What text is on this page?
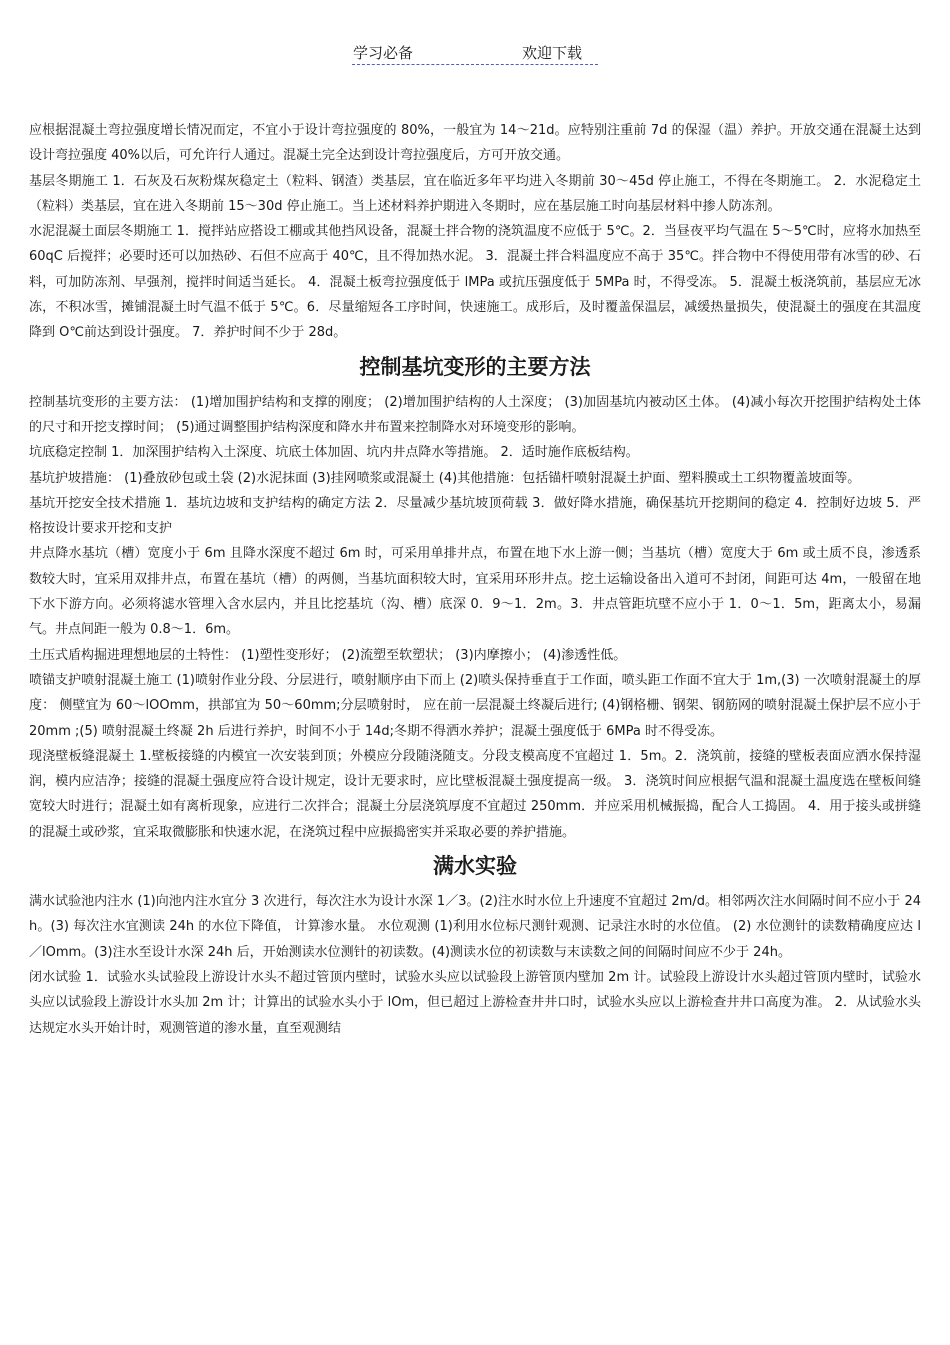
学习必备	欢迎下载

应根据混凝土弯拉强度增长情况而定，不宜小于设计弯拉强度的 80%，一般宜为 14～21d。应特别注重前 7d 的保湿（温）养护。开放交通在混凝土达到设计弯拉强度 40%以后，可允许行人通过。混凝土完全达到设计弯拉强度后，方可开放交通。

基层冬期施工 1．石灰及石灰粉煤灰稳定土（粒料、钢渣）类基层，宜在临近多年平均进入冬期前 30～45d 停止施工，不得在冬期施工。 2．水泥稳定土（粒料）类基层，宜在进入冬期前 15～30d 停止施工。当上述材料养护期进入冬期时，应在基层施工时向基层材料中掺人防冻剂。

水泥混凝土面层冬期施工 1．搅拌站应搭设工棚或其他挡风设备，混凝土拌合物的浇筑温度不应低于 5℃。2．当昼夜平均气温在 5～5℃时，应将水加热至 60qC 后搅拌；必要时还可以加热砂、石但不应高于 40℃，且不得加热水泥。 3．混凝土拌合料温度应不高于 35℃。拌合物中不得使用带有冰雪的砂、石料，可加防冻剂、早强剂，搅拌时间适当延长。 4．混凝土板弯拉强度低于 lMPa 或抗压强度低于 5MPa 时，不得受冻。 5．混凝土板浇筑前，基层应无冰冻，不积冰雪，摊铺混凝土时气温不低于 5℃。6．尽量缩短各工序时间，快速施工。成形后，及时覆盖保温层，减缓热量损失，使混凝土的强度在其温度降到 O℃前达到设计强度。 7．养护时间不少于 28d。

控制基坑变形的主要方法

控制基坑变形的主要方法： (1)增加围护结构和支撑的刚度； (2)增加围护结构的人土深度； (3)加固基坑内被动区土体。 (4)减小每次开挖围护结构处土体的尺寸和开挖支撑时间； (5)通过调整围护结构深度和降水井布置来控制降水对环境变形的影响。

坑底稳定控制 1．加深围护结构入土深度、坑底土体加固、坑内井点降水等措施。 2．适时施作底板结构。

基坑护坡措施： (1)叠放砂包或土袋 (2)水泥抹面 (3)挂网喷浆或混凝土 (4)其他措施：包括锚杆喷射混凝土护面、塑料膜或土工织物覆盖坡面等。

基坑开挖安全技术措施 1．基坑边坡和支护结构的确定方法 2．尽量减少基坑坡顶荷载 3．做好降水措施，确保基坑开挖期间的稳定 4．控制好边坡 5．严格按设计要求开挖和支护

井点降水基坑（槽）宽度小于 6m 且降水深度不超过 6m 时，可采用单排井点，布置在地下水上游一侧；当基坑（槽）宽度大于 6m 或土质不良，渗透系数较大时，宜采用双排井点，布置在基坑（槽）的两侧，当基坑面积较大时，宜采用环形井点。挖土运输设备出入道可不封闭，间距可达 4m，一般留在地下水下游方向。必须将滤水管埋入含水层内，并且比挖基坑（沟、槽）底深 0．9～1．2m。3．井点管距坑壁不应小于 1．0～1．5m，距离太小，易漏气。井点间距一般为 0.8～1．6m。

土压式盾构掘进理想地层的土特性： (1)塑性变形好； (2)流塑至软塑状； (3)内摩擦小； (4)渗透性低。

喷锚支护喷射混凝土施工 (1)喷射作业分段、分层进行，喷射顺序由下而上 (2)喷头保持垂直于工作面，喷头距工作面不宜大于 1m,(3) 一次喷射混凝土的厚度： 侧壁宜为 60～lOOmm，拱部宜为 50～60mm;分层喷射时， 应在前一层混凝土终凝后进行; (4)钢格栅、钢架、钢筋网的喷射混凝土保护层不应小于 20mm ;(5) 喷射混凝土终凝 2h 后进行养护，时间不小于 14d;冬期不得洒水养护；混凝土强度低于 6MPa 时不得受冻。

现浇壁板缝混凝土 1.壁板接缝的内模宜一次安装到顶；外模应分段随浇随支。分段支模高度不宜超过 1．5m。2．浇筑前，接缝的壁板表面应洒水保持湿润，模内应洁净；接缝的混凝土强度应符合设计规定，设计无要求时，应比壁板混凝土强度提高一级。 3．浇筑时间应根据气温和混凝土温度选在壁板间缝宽较大时进行；混凝土如有离析现象，应进行二次拌合；混凝土分层浇筑厚度不宜超过 250mm．并应采用机械振捣，配合人工捣固。 4．用于接头或拼缝的混凝土或砂浆，宜采取微膨胀和快速水泥，在浇筑过程中应振捣密实并采取必要的养护措施。

满水实验

满水试验池内注水 (1)向池内注水宜分 3 次进行，每次注水为设计水深 1／3。(2)注水时水位上升速度不宜超过 2m/d。相邻两次注水间隔时间不应小于 24h。(3) 每次注水宜测读 24h 的水位下降值， 计算渗水量。 水位观测 (1)利用水位标尺测针观测、记录注水时的水位值。 (2) 水位测针的读数精确度应达 l／lOmm。(3)注水至设计水深 24h 后，开始测读水位测针的初读数。(4)测读水位的初读数与末读数之间的间隔时间应不少于 24h。

闭水试验 1．试验水头试验段上游设计水头不超过管顶内壁时，试验水头应以试验段上游管顶内壁加 2m 计。试验段上游设计水头超过管顶内壁时，试验水头应以试验段上游设计水头加 2m 计；计算出的试验水头小于 lOm，但已超过上游检查井井口时，试验水头应以上游检查井井口高度为准。 2．从试验水头达规定水头开始计时，观测管道的渗水量，直至观测结
